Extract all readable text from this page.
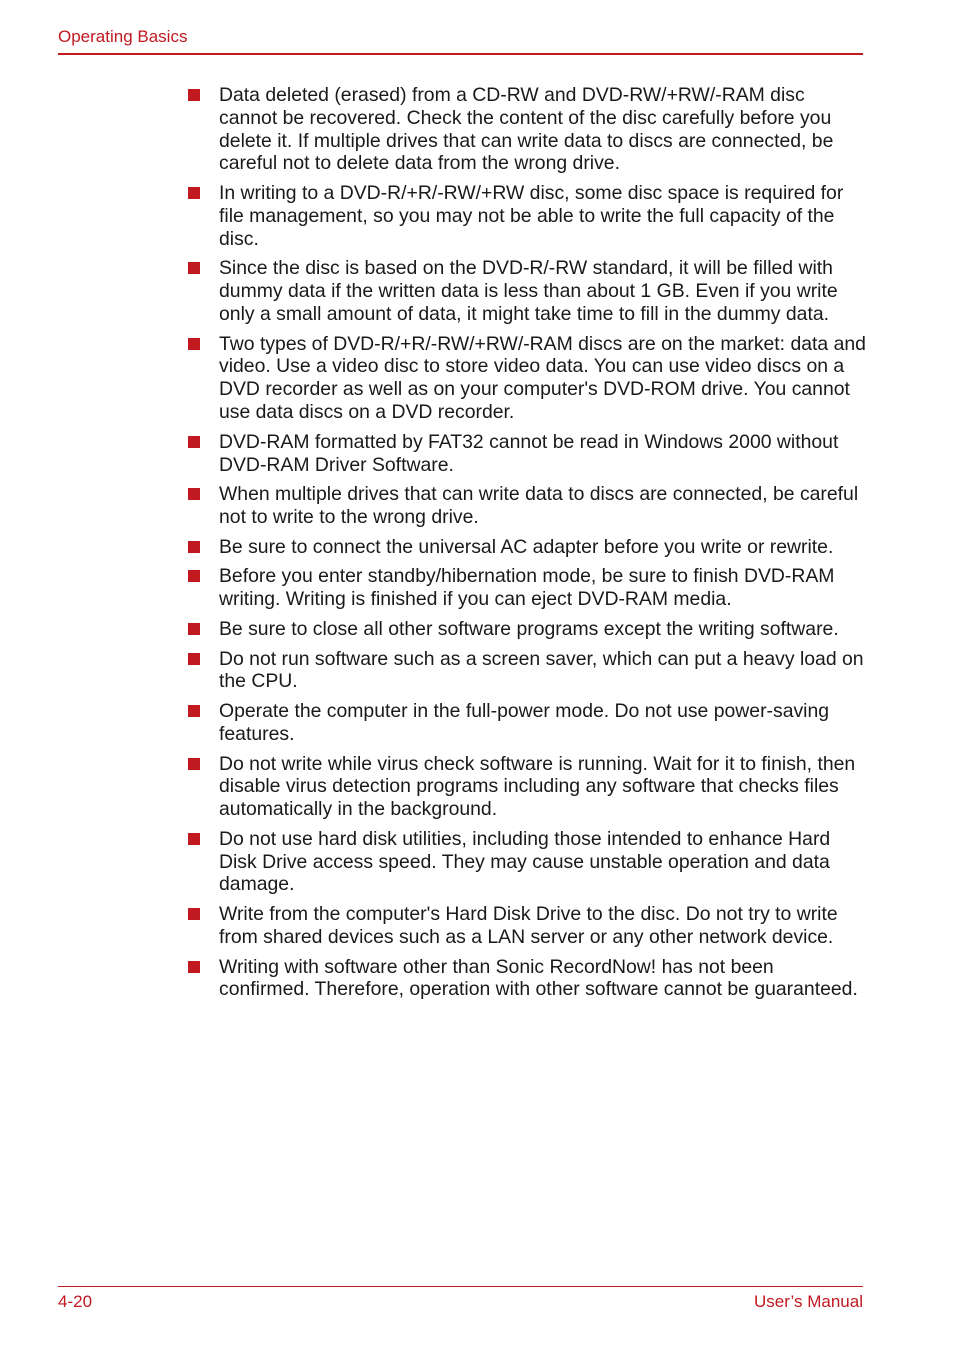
Operating Basics
Data deleted (erased) from a CD-RW and DVD-RW/+RW/-RAM disc cannot be recovered. Check the content of the disc carefully before you delete it. If multiple drives that can write data to discs are connected, be careful not to delete data from the wrong drive.
In writing to a DVD-R/+R/-RW/+RW disc, some disc space is required for file management, so you may not be able to write the full capacity of the disc.
Since the disc is based on the DVD-R/-RW standard, it will be filled with dummy data if the written data is less than about 1 GB. Even if you write only a small amount of data, it might take time to fill in the dummy data.
Two types of DVD-R/+R/-RW/+RW/-RAM discs are on the market: data and video. Use a video disc to store video data. You can use video discs on a DVD recorder as well as on your computer's DVD-ROM drive. You cannot use data discs on a DVD recorder.
DVD-RAM formatted by FAT32 cannot be read in Windows 2000 without DVD-RAM Driver Software.
When multiple drives that can write data to discs are connected, be careful not to write to the wrong drive.
Be sure to connect the universal AC adapter before you write or rewrite.
Before you enter standby/hibernation mode, be sure to finish DVD-RAM writing. Writing is finished if you can eject DVD-RAM media.
Be sure to close all other software programs except the writing software.
Do not run software such as a screen saver, which can put a heavy load on the CPU.
Operate the computer in the full-power mode. Do not use power-saving features.
Do not write while virus check software is running. Wait for it to finish, then disable virus detection programs including any software that checks files automatically in the background.
Do not use hard disk utilities, including those intended to enhance Hard Disk Drive access speed. They may cause unstable operation and data damage.
Write from the computer's Hard Disk Drive to the disc. Do not try to write from shared devices such as a LAN server or any other network device.
Writing with software other than Sonic RecordNow! has not been confirmed. Therefore, operation with other software cannot be guaranteed.
4-20	User’s Manual
